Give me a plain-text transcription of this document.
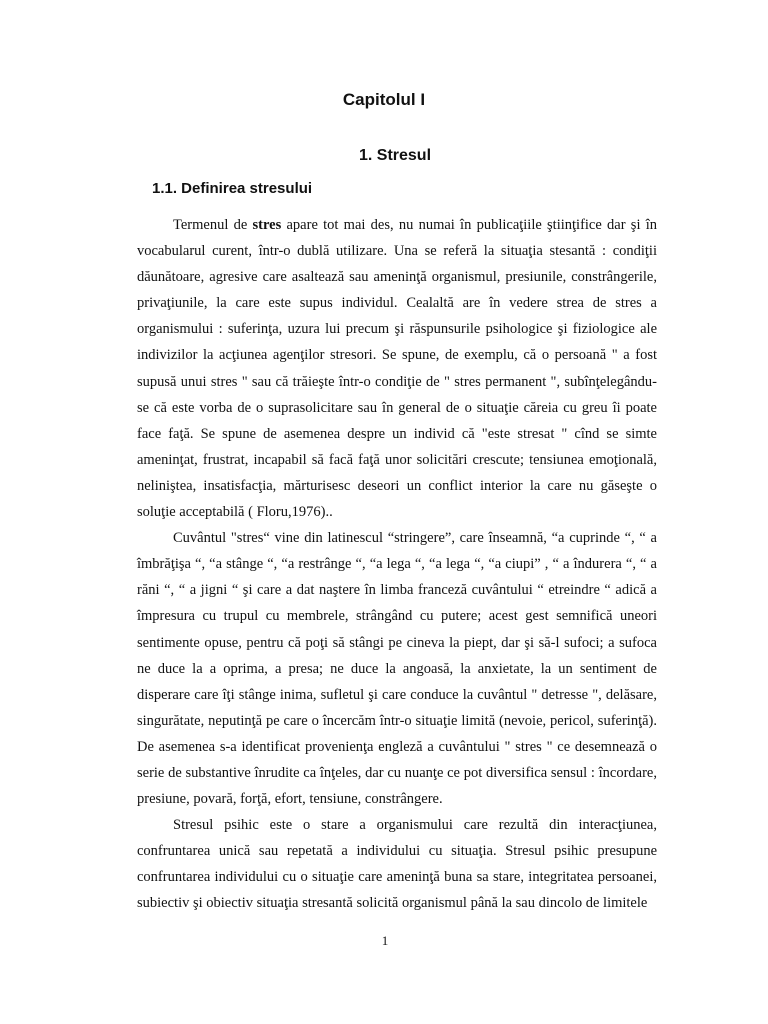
Capitolul I
1. Stresul
1.1. Definirea stresului

Termenul de stres apare tot mai des, nu numai în publicaţiile ştiinţifice dar şi în vocabularul curent, într-o dublă utilizare. Una se referă la situaţia stesantă : condiţii dăunătoare, agresive care asaltează sau ameninţă organismul, presiunile, constrângerile, privaţiunile, la care este supus individul. Cealaltă are în vedere strea de stres a organismului : suferinţa, uzura lui precum şi răspunsurile psihologice şi fiziologice ale indivizilor la acţiunea agenţilor stresori. Se spune, de exemplu, că o persoană " a fost supusă unui stres " sau că trăieşte într-o condiţie de " stres permanent ", subînţelegându-se că este vorba de o suprasolicitare sau în general de o situaţie căreia cu greu îi poate face faţă. Se spune de asemenea despre un individ că "este stresat " cînd se simte ameninţat, frustrat, incapabil să facă faţă unor solicitări crescute; tensiunea emoţională, nelinişte​a, insatisfacţia, mărturisesc deseori un conflict interior la care nu găseşte o soluţie acceptabilă ( Floru,1976)..

Cuvântul "stres“ vine din latinescul “stringere”, care înseamnă, “a cuprinde “, “ a îmbrăţişa “, “a stânge “, “a restrânge “, “a lega “, “a lega “, “a ciupi” , “ a îndurera “, “ a răni “, “ a jigni “ şi care a dat naştere în limba franceză cuvântului “ etreindre “ adică a împresura cu trupul cu membrele, strângând cu putere; acest gest semnifică uneori sentimente opuse, pentru că poţi să stângi pe cineva la piept, dar şi să-l sufoci; a sufoca ne duce la a oprima, a presa; ne duce la angoasă, la anxietate, la un sentiment de disperare care îţi stânge inima, sufletul şi care conduce la cuvântul " detresse ", delăsare, singurătate, neputinţă pe care o încercăm într-o situaţie limită (nevoie, pericol, suferinţă). De asemenea s-a identificat provenienţa engleză a cuvântului " stres " ce desemnează o serie de substantive înrudite ca înţeles, dar cu nuanţe ce pot diversifica sensul : încordare, presiune, povară, forţă, efort, tensiune, constrângere.

Stresul psihic este o stare a organismului care rezultă din interacţiunea, confruntarea unică sau repetată a individului cu situaţia. Stresul psihic presupune confruntarea individului cu o situaţie care ameninţă buna sa stare, integritatea persoanei, subiectiv şi obiectiv situaţia stresantă solicită organismul până la sau dincolo de limitele

1
